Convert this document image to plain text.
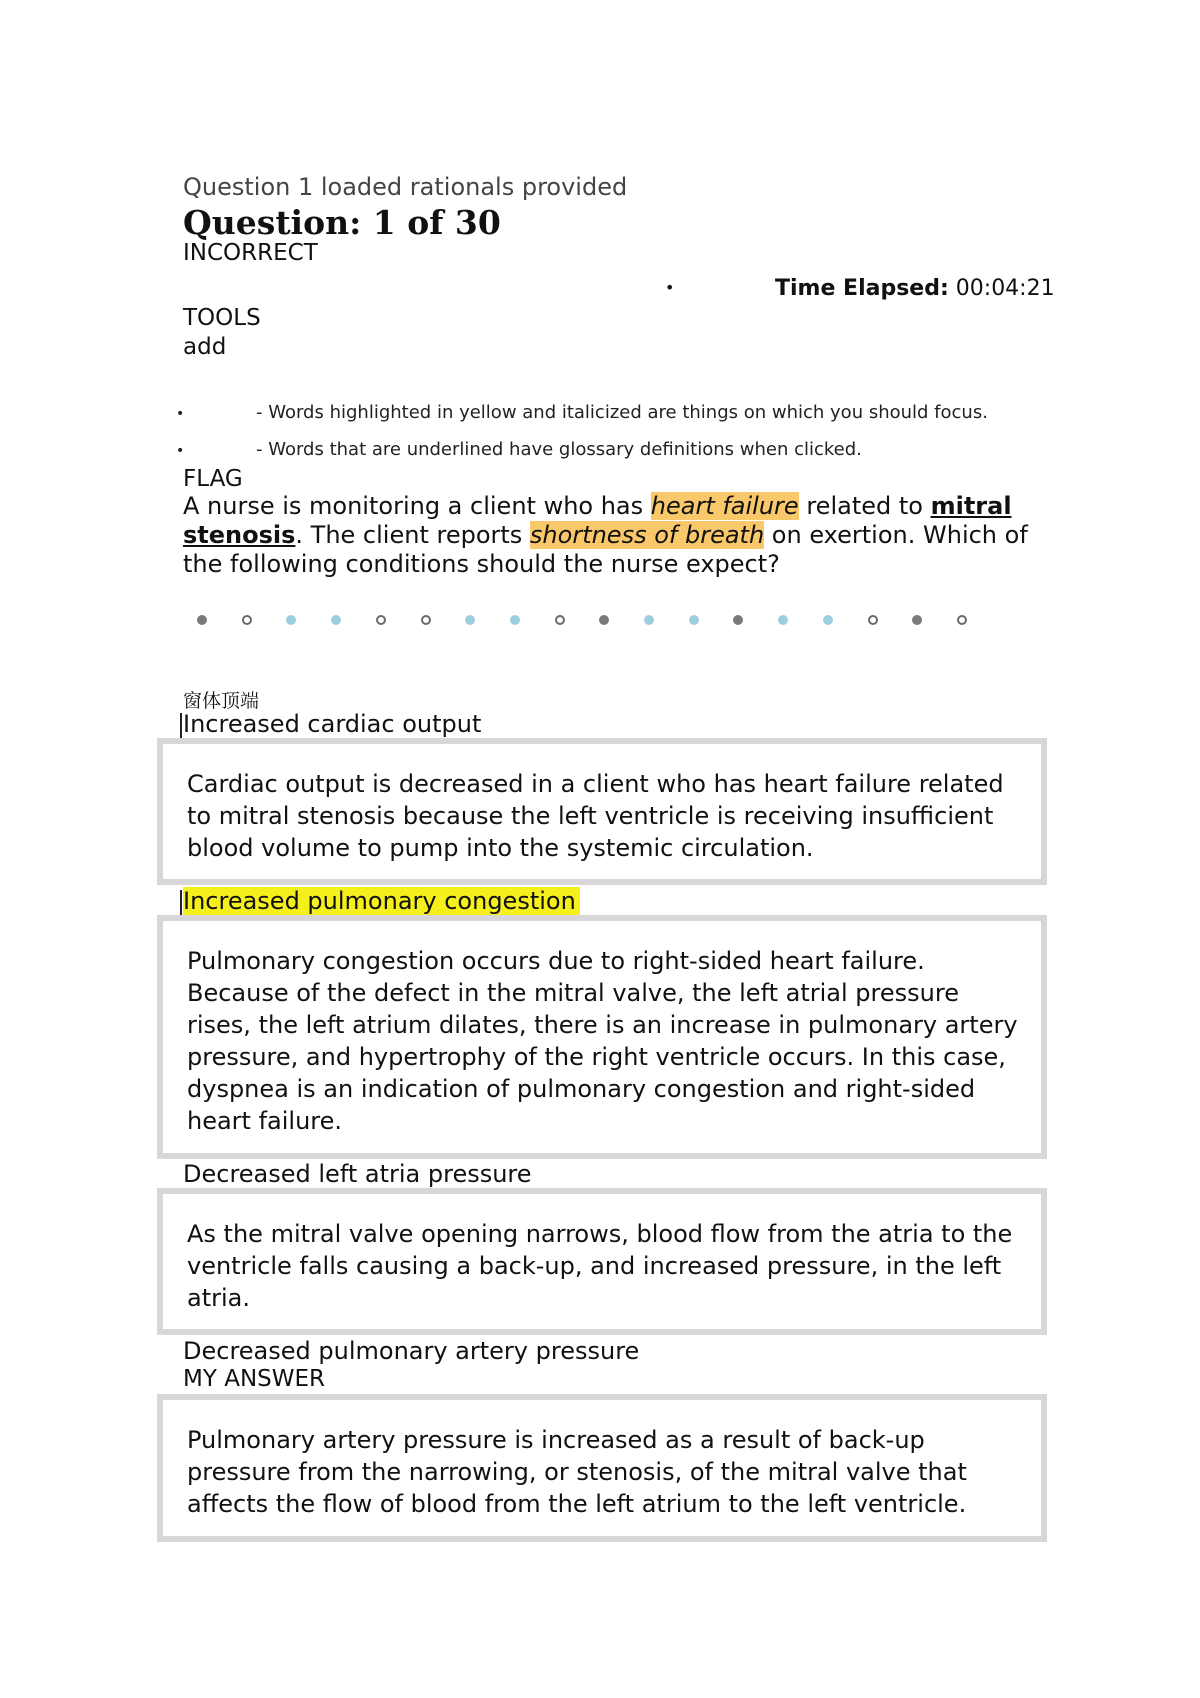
Question 1 loaded rationals provided
Question: 1 of 30
INCORRECT
•	Time Elapsed: 00:04:21
TOOLS
add
•	- Words highlighted in yellow and italicized are things on which you should focus.
•	- Words that are underlined have glossary definitions when clicked.
FLAG
A nurse is monitoring a client who has heart failure related to mitral stenosis. The client reports shortness of breath on exertion. Which of the following conditions should the nurse expect?
窗体顶端
Increased cardiac output
Cardiac output is decreased in a client who has heart failure related to mitral stenosis because the left ventricle is receiving insufficient blood volume to pump into the systemic circulation.
Increased pulmonary congestion
Pulmonary congestion occurs due to right-sided heart failure. Because of the defect in the mitral valve, the left atrial pressure rises, the left atrium dilates, there is an increase in pulmonary artery pressure, and hypertrophy of the right ventricle occurs. In this case, dyspnea is an indication of pulmonary congestion and right-sided heart failure.
Decreased left atria pressure
As the mitral valve opening narrows, blood flow from the atria to the ventricle falls causing a back-up, and increased pressure, in the left atria.
Decreased pulmonary artery pressure
MY ANSWER
Pulmonary artery pressure is increased as a result of back-up pressure from the narrowing, or stenosis, of the mitral valve that affects the flow of blood from the left atrium to the left ventricle.
